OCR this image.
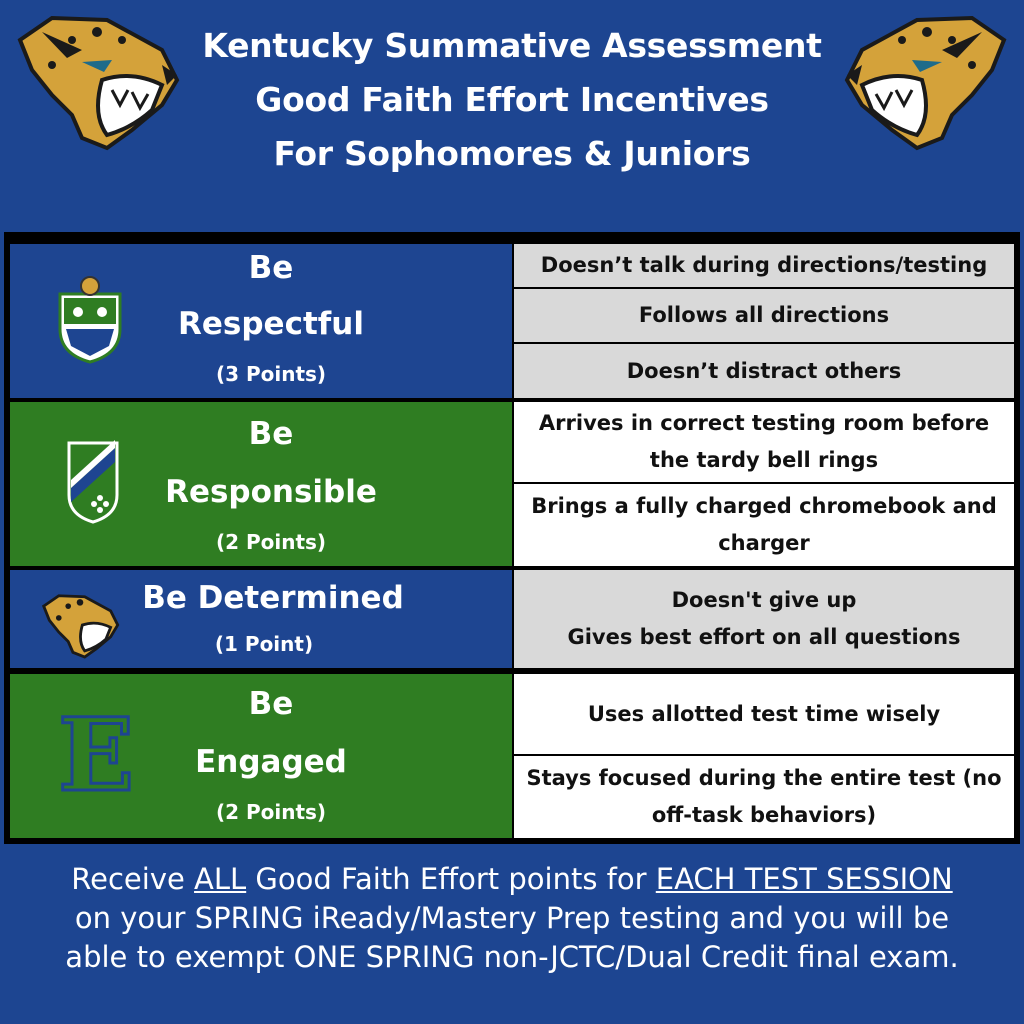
Kentucky Summative Assessment
Good Faith Effort Incentives
For Sophomores & Juniors
Be
Respectful
(3 Points)
Doesn’t talk during directions/testing
Follows all directions
Doesn’t distract others
Be
Responsible
(2 Points)
Arrives in correct testing room before the tardy bell rings
Brings a fully charged chromebook and charger
Be Determined
(1 Point)
Doesn't give up
Gives best effort on all questions
E	Be
Engaged
(2 Points)
Uses allotted test time wisely
Stays focused during the entire test (no off-task behaviors)
Receive ALL Good Faith Effort points for EACH TEST SESSION
on your SPRING iReady/Mastery Prep testing and you will be
able to exempt ONE SPRING non-JCTC/Dual Credit final exam.
